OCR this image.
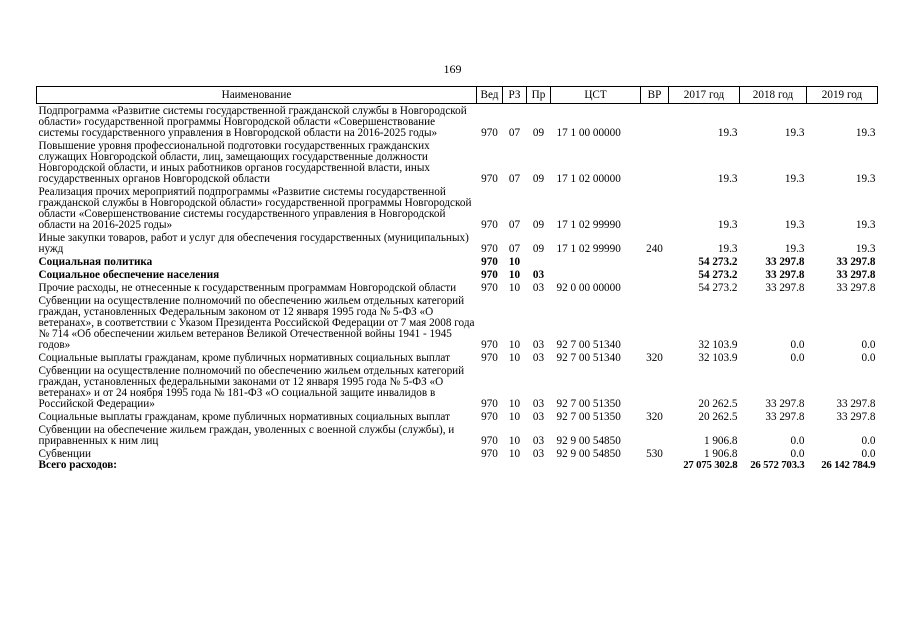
169
Наименование	Вед	РЗ	Пр	ЦСТ	ВР	2017 год	2018 год	2019 год
Подпрограмма «Развитие системы государственной гражданской службы в Новгородской области» государственной программы Новгородской области «Совершенствование системы государственного управления в Новгородской области на 2016-2025 годы»	970	07	09	17 1 00 00000		19.3	19.3	19.3
Повышение уровня профессиональной подготовки государственных гражданских служащих Новгородской области, лиц, замещающих государственные должности Новгородской области, и иных работников органов государственной власти, иных государственных органов Новгородской области	970	07	09	17 1 02 00000		19.3	19.3	19.3
Реализация прочих мероприятий подпрограммы «Развитие системы государственной гражданской службы в Новгородской области» государственной программы Новгородской области «Совершенствование системы государственного управления в Новгородской области на 2016-2025 годы»	970	07	09	17 1 02 99990		19.3	19.3	19.3
Иные закупки товаров, работ и услуг для обеспечения государственных (муниципальных) нужд	970	07	09	17 1 02 99990	240	19.3	19.3	19.3
Социальная политика	970	10				54 273.2	33 297.8	33 297.8
Социальное обеспечение населения	970	10	03			54 273.2	33 297.8	33 297.8
Прочие расходы, не отнесенные к государственным программам Новгородской области	970	10	03	92 0 00 00000		54 273.2	33 297.8	33 297.8
Субвенции на осуществление полномочий по обеспечению жильем отдельных категорий граждан, установленных Федеральным законом от 12 января 1995 года № 5-ФЗ «О ветеранах», в соответствии с Указом Президента Российской Федерации от 7 мая 2008 года № 714 «Об обеспечении жильем ветеранов Великой Отечественной войны 1941 - 1945 годов»	970	10	03	92 7 00 51340		32 103.9	0.0	0.0
Социальные выплаты гражданам, кроме публичных нормативных социальных выплат	970	10	03	92 7 00 51340	320	32 103.9	0.0	0.0
Субвенции на осуществление полномочий по обеспечению жильем отдельных категорий граждан, установленных федеральными законами от 12 января 1995 года № 5-ФЗ «О ветеранах» и от 24 ноября 1995 года № 181-ФЗ «О социальной защите инвалидов в Российской Федерации»	970	10	03	92 7 00 51350		20 262.5	33 297.8	33 297.8
Социальные выплаты гражданам, кроме публичных нормативных социальных выплат	970	10	03	92 7 00 51350	320	20 262.5	33 297.8	33 297.8
Субвенции на обеспечение жильем граждан, уволенных с военной службы (службы), и приравненных к ним лиц	970	10	03	92 9 00 54850		1 906.8	0.0	0.0
Субвенции	970	10	03	92 9 00 54850	530	1 906.8	0.0	0.0
Всего расходов:						27 075 302.8	26 572 703.3	26 142 784.9
